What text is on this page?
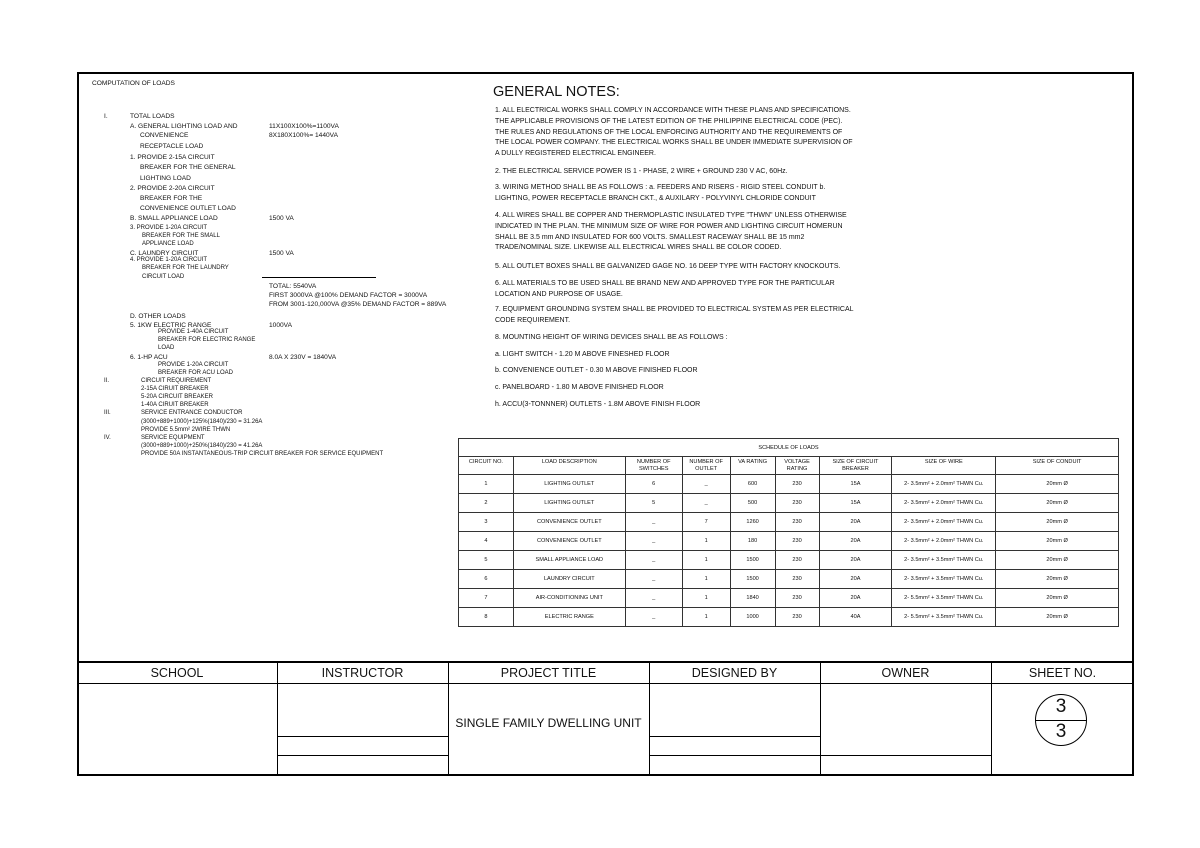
COMPUTATION OF LOADS
I.	TOTAL LOADS
A. GENERAL LIGHTING LOAD AND	11X100X100%=1100VA
CONVENIENCE	8X180X100%= 1440VA
RECEPTACLE LOAD
1. PROVIDE 2-15A CIRCUIT
BREAKER FOR THE GENERAL
LIGHTING LOAD
2. PROVIDE 2-20A CIRCUIT
BREAKER FOR THE
CONVENIENCE OUTLET LOAD
B. SMALL APPLIANCE LOAD	1500 VA
3. PROVIDE 1-20A CIRCUIT
BREAKER FOR THE SMALL
APPLIANCE LOAD
C. LAUNDRY CIRCUIT	1500 VA
4. PROVIDE 1-20A CIRCUIT
BREAKER FOR THE LAUNDRY
CIRCUIT LOAD
TOTAL: 5540VA
FIRST 3000VA @100% DEMAND FACTOR = 3000VA
FROM 3001-120,000VA @35% DEMAND FACTOR = 889VA
D. OTHER LOADS
5. 1KW ELECTRIC RANGE	1000VA
PROVIDE 1-40A CIRCUIT
BREAKER FOR ELECTRIC RANGE
LOAD
6. 1-HP ACU	8.0A X 230V = 1840VA
PROVIDE 1-20A CIRCUIT
BREAKER FOR ACU LOAD
II.	CIRCUIT REQUIREMENT
2-15A CIRUIT BREAKER
5-20A CIRCUIT BREAKER
1-40A CIRUIT BREAKER
III.	SERVICE ENTRANCE CONDUCTOR
(3000+889+1000)+125%(1840)/230 = 31.26A
PROVIDE 5.5mm² 2WIRE THWN
IV.	SERVICE EQUIPMENT
(3000+889+1000)+250%(1840)/230 = 41.26A
PROVIDE 50A INSTANTANEOUS-TRIP CIRCUIT BREAKER FOR SERVICE EQUIPMENT
GENERAL NOTES:
1. ALL ELECTRICAL WORKS SHALL COMPLY IN ACCORDANCE WITH THESE PLANS AND SPECIFICATIONS. THE APPLICABLE PROVISIONS OF THE LATEST EDITION OF THE PHILIPPINE ELECTRICAL CODE (PEC). THE RULES AND REGULATIONS OF THE LOCAL ENFORCING AUTHORITY AND THE REQUIREMENTS OF THE LOCAL POWER COMPANY. THE ELECTRICAL WORKS SHALL BE UNDER IMMEDIATE SUPERVISION OF A DULLY REGISTERED ELECTRICAL ENGINEER.
2. THE ELECTRICAL SERVICE POWER IS 1 - PHASE, 2 WIRE + GROUND 230 V AC, 60Hz.
3. WIRING METHOD SHALL BE AS FOLLOWS : a. FEEDERS AND RISERS - RIGID STEEL CONDUIT b. LIGHTING, POWER RECEPTACLE BRANCH CKT., & AUXILARY - POLYVINYL CHLORIDE CONDUIT
4. ALL WIRES SHALL BE COPPER AND THERMOPLASTIC INSULATED TYPE "THWN" UNLESS OTHERWISE INDICATED IN THE PLAN. THE MINIMUM SIZE OF WIRE FOR POWER AND LIGHTING CIRCUIT HOMERUN SHALL BE 3.5 mm AND INSULATED FOR 600 VOLTS. SMALLEST RACEWAY SHALL BE 15 mm2 TRADE/NOMINAL SIZE. LIKEWISE ALL ELECTRICAL WIRES SHALL BE COLOR CODED.
5. ALL OUTLET BOXES SHALL BE GALVANIZED GAGE NO. 16 DEEP TYPE WITH FACTORY KNOCKOUTS.
6. ALL MATERIALS TO BE USED SHALL BE BRAND NEW AND APPROVED TYPE FOR THE PARTICULAR LOCATION AND PURPOSE OF USAGE.
7. EQUIPMENT GROUNDING SYSTEM SHALL BE PROVIDED TO ELECTRICAL SYSTEM AS PER ELECTRICAL CODE REQUIREMENT.
8. MOUNTING HEIGHT OF WIRING DEVICES SHALL BE AS FOLLOWS :
a. LIGHT SWITCH - 1.20 M ABOVE FINESHED FLOOR
b. CONVENIENCE OUTLET - 0.30 M ABOVE FINISHED FLOOR
c. PANELBOARD - 1.80 M ABOVE FINISHED FLOOR
h. ACCU(3-TONNNER) OUTLETS - 1.8M ABOVE FINISH FLOOR
SCHEDULE OF LOADS								
CIRCUIT NO.	LOAD DESCRIPTION	NUMBER OF SWITCHES	NUMBER OF OUTLET	VA RATING	VOLTAGE RATING	SIZE OF CIRCUIT BREAKER	SIZE OF WIRE	SIZE OF CONDUIT
1	LIGHTING OUTLET	6	_	600	230	15A	2- 3.5mm² + 2.0mm² THWN Cu.	20mm Ø
2	LIGHTING OUTLET	5	_	500	230	15A	2- 3.5mm² + 2.0mm² THWN Cu.	20mm Ø
3	CONVENIENCE OUTLET	_	7	1260	230	20A	2- 3.5mm² + 2.0mm² THWN Cu.	20mm Ø
4	CONVENIENCE OUTLET	_	1	180	230	20A	2- 3.5mm² + 2.0mm² THWN Cu.	20mm Ø
5	SMALL APPLIANCE LOAD	_	1	1500	230	20A	2- 3.5mm² + 3.5mm² THWN Cu.	20mm Ø
6	LAUNDRY CIRCUIT	_	1	1500	230	20A	2- 3.5mm² + 3.5mm² THWN Cu.	20mm Ø
7	AIR-CONDITIONING UNIT	_	1	1840	230	20A	2- 5.5mm² + 3.5mm² THWN Cu.	20mm Ø
8	ELECTRIC RANGE	_	1	1000	230	40A	2- 5.5mm² + 3.5mm² THWN Cu.	20mm Ø
SCHOOL	INSTRUCTOR	PROJECT TITLE	DESIGNED BY	OWNER	SHEET NO.
SINGLE FAMILY DWELLING UNIT
3
3
